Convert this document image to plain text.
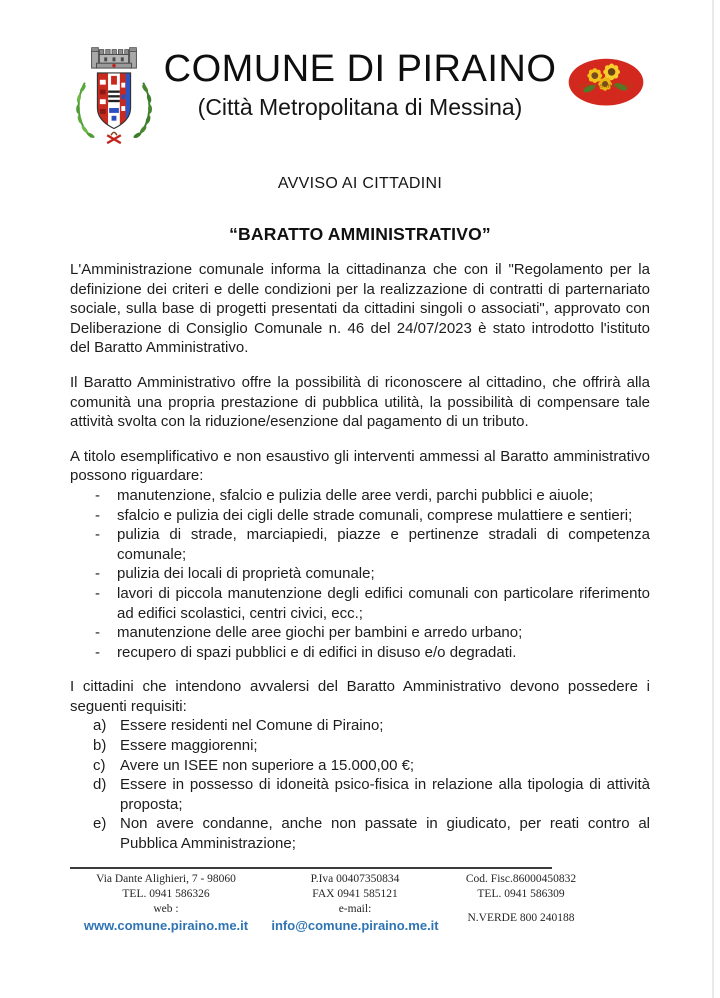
COMUNE DI PIRAINO
(Città Metropolitana di Messina)
COSTA SARACENA
AVVISO AI CITTADINI
“BARATTO AMMINISTRATIVO”

L'Amministrazione comunale informa la cittadinanza che con il "Regolamento per la definizione dei criteri e delle condizioni per la realizzazione di contratti di parternariato sociale, sulla base di progetti presentati da cittadini singoli o associati", approvato con Deliberazione di Consiglio Comunale n. 46 del 24/07/2023 è stato introdotto l'istituto del Baratto Amministrativo.

Il Baratto Amministrativo offre la possibilità di riconoscere al cittadino, che offrirà alla comunità una propria prestazione di pubblica utilità, la possibilità di compensare tale attività svolta con la riduzione/esenzione dal pagamento di un tributo.

A titolo esemplificativo e non esaustivo gli interventi ammessi al Baratto amministrativo possono riguardare:

-	manutenzione, sfalcio e pulizia delle aree verdi, parchi pubblici e aiuole;
-	sfalcio e pulizia dei cigli delle strade comunali, comprese mulattiere e sentieri;
-	pulizia di strade, marciapiedi, piazze e pertinenze stradali di competenza comunale;
-	pulizia dei locali di proprietà comunale;
-	lavori di piccola manutenzione degli edifici comunali con particolare riferimento ad edifici scolastici, centri civici, ecc.;
-	manutenzione delle aree giochi per bambini e arredo urbano;
-	recupero di spazi pubblici e di edifici in disuso e/o degradati.

I cittadini che intendono avvalersi del Baratto Amministrativo devono possedere i seguenti requisiti:

a) Essere residenti nel Comune di Piraino;
b) Essere maggiorenni;
c) Avere un ISEE non superiore a 15.000,00 €;
d) Essere in possesso di idoneità psico-fisica in relazione alla tipologia di attività proposta;
e) Non avere condanne, anche non passate in giudicato, per reati contro al Pubblica Amministrazione;
Via Dante Alighieri, 7 - 98060
TEL. 0941 586326
web :
www.comune.piraino.me.it
P.Iva 00407350834
FAX 0941 585121
e-mail:
info@comune.piraino.me.it
Cod. Fisc.86000450832
TEL. 0941 586309
N.VERDE 800 240188
